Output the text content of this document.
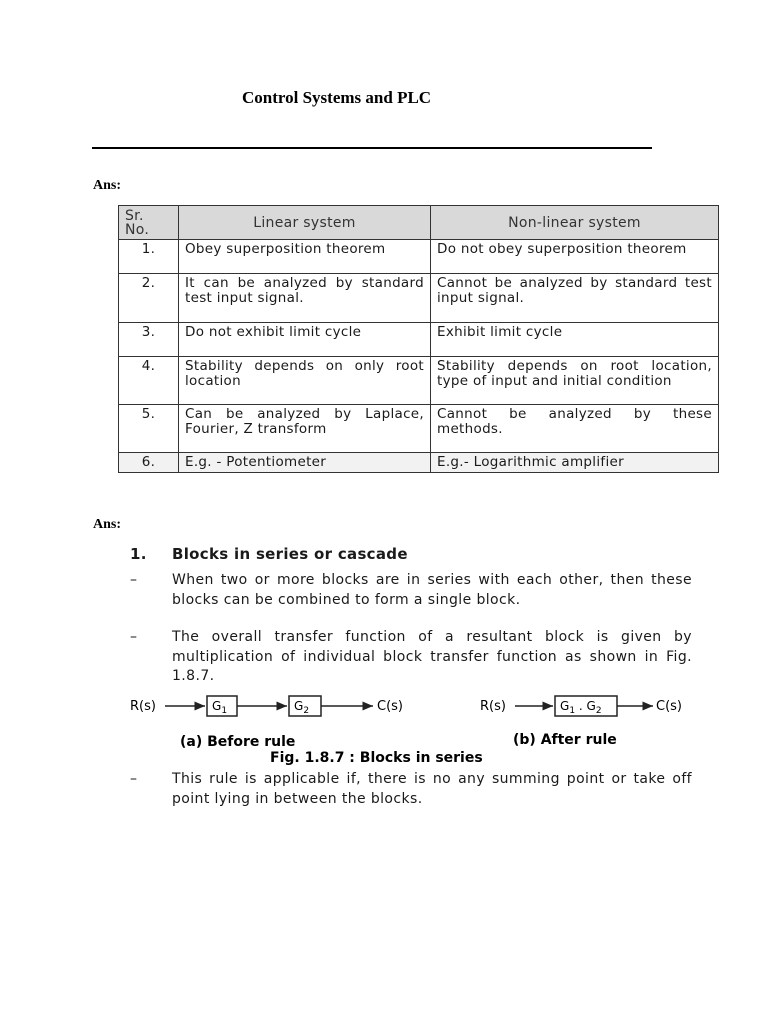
Control Systems and PLC
Ans:
Sr. No.	Linear system	Non-linear system
1.	Obey superposition theorem	Do not obey superposition theorem
2.	It can be analyzed by standard test input signal.	Cannot be analyzed by standard test input signal.
3.	Do not exhibit limit cycle	Exhibit limit cycle
4.	Stability depends on only root location	Stability depends on root location, type of input and initial condition
5.	Can be analyzed by Laplace, Fourier, Z transform	Cannot be analyzed by these methods.
6.	E.g. - Potentiometer	E.g.- Logarithmic amplifier
Ans:
1. Blocks in series or cascade
– When two or more blocks are in series with each other, then these blocks can be combined to form a single block.
– The overall transfer function of a resultant block is given by multiplication of individual block transfer function as shown in Fig. 1.8.7.
R(s)	$G_1$	$G_2$	C(s)
(a) Before rule
R(s)	$G_1$ . $G_2$	C(s)
(b) After rule
Fig. 1.8.7 : Blocks in series
– This rule is applicable if, there is no any summing point or take off point lying in between the blocks.
